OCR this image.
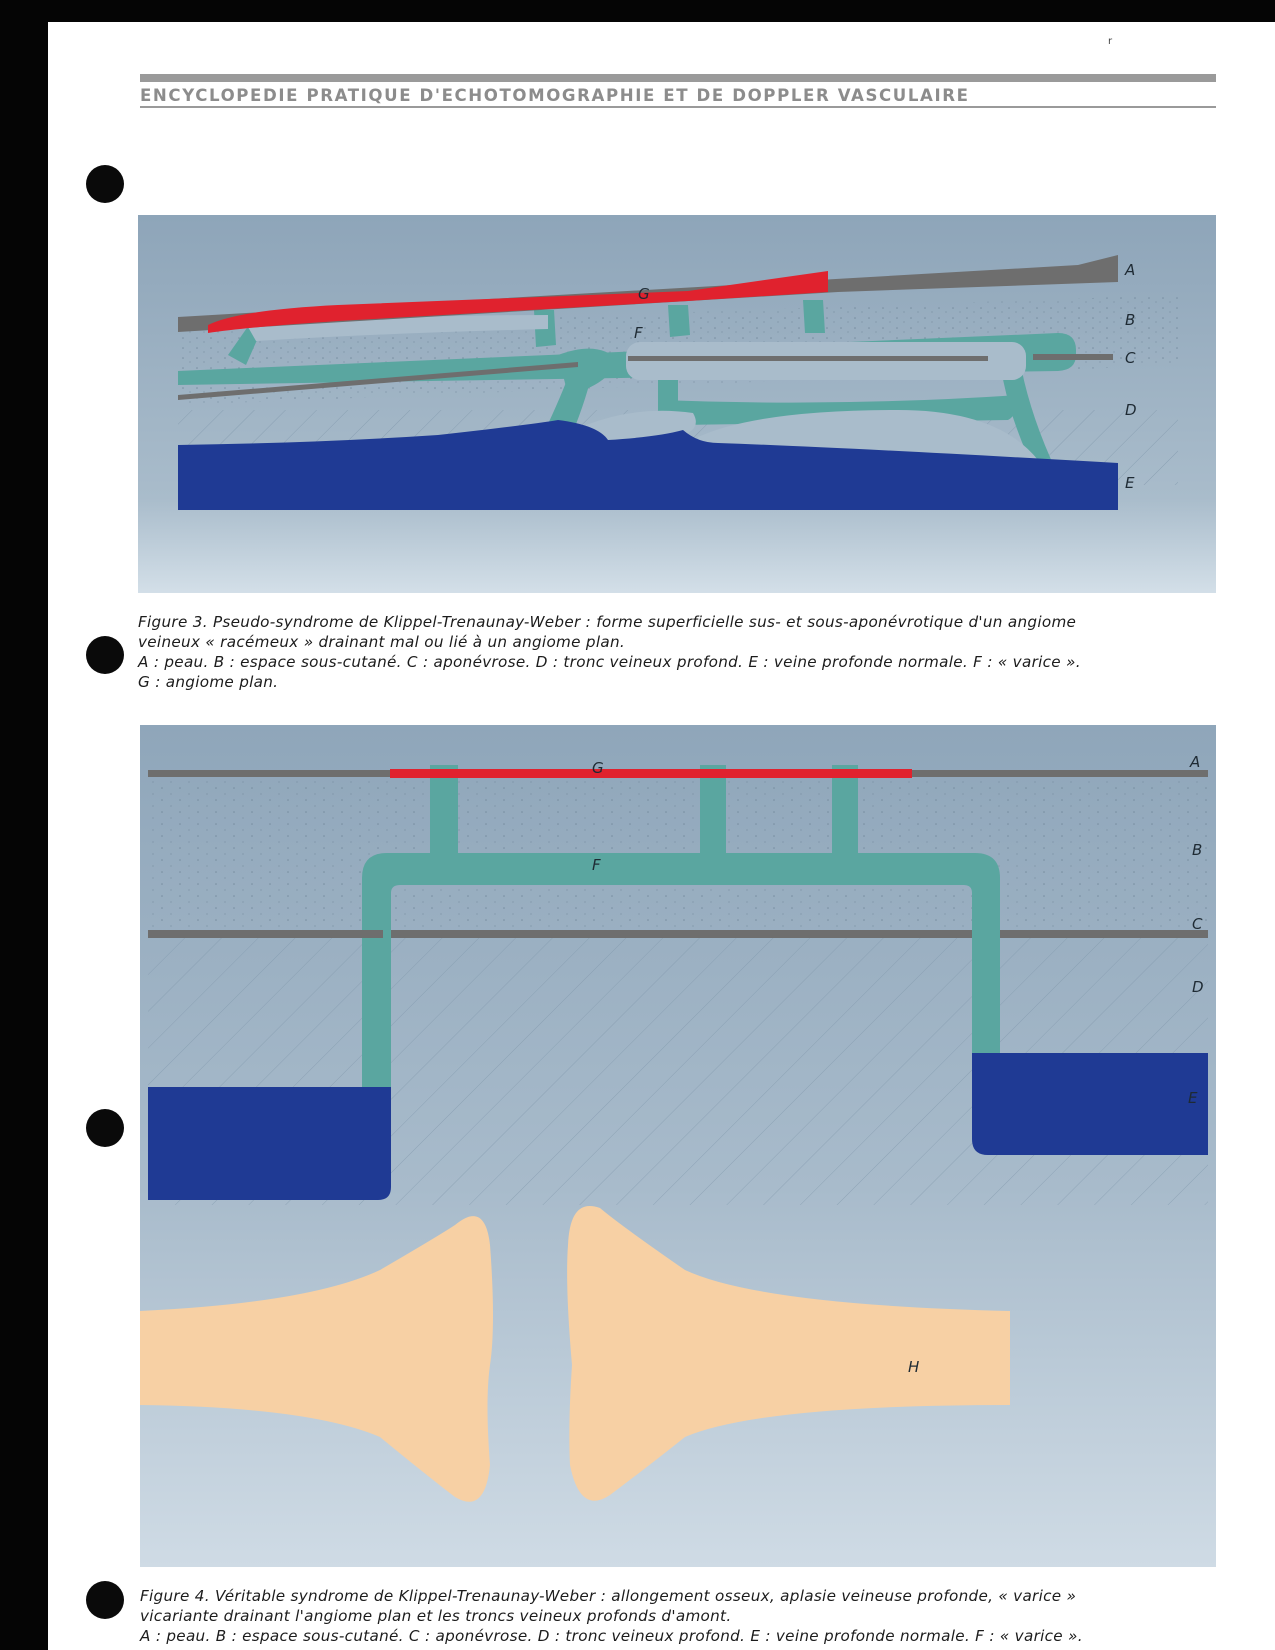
r
ENCYCLOPEDIE PRATIQUE D'ECHOTOMOGRAPHIE ET DE DOPPLER VASCULAIRE
A
B
C
D
E
F
G

Figure 3. Pseudo-syndrome de Klippel-Trenaunay-Weber : forme superficielle sus- et sous-aponévrotique d'un angiome

veineux « racémeux » drainant mal ou lié à un angiome plan.

A : peau. B : espace sous-cutané. C : aponévrose. D : tronc veineux profond. E : veine profonde normale. F : « varice ».

G : angiome plan.

A
B
C
D
E
F
G
H

Figure 4. Véritable syndrome de Klippel-Trenaunay-Weber : allongement osseux, aplasie veineuse profonde, « varice »

vicariante drainant l'angiome plan et les troncs veineux profonds d'amont.

A : peau. B : espace sous-cutané. C : aponévrose. D : tronc veineux profond. E : veine profonde normale. F : « varice ».
